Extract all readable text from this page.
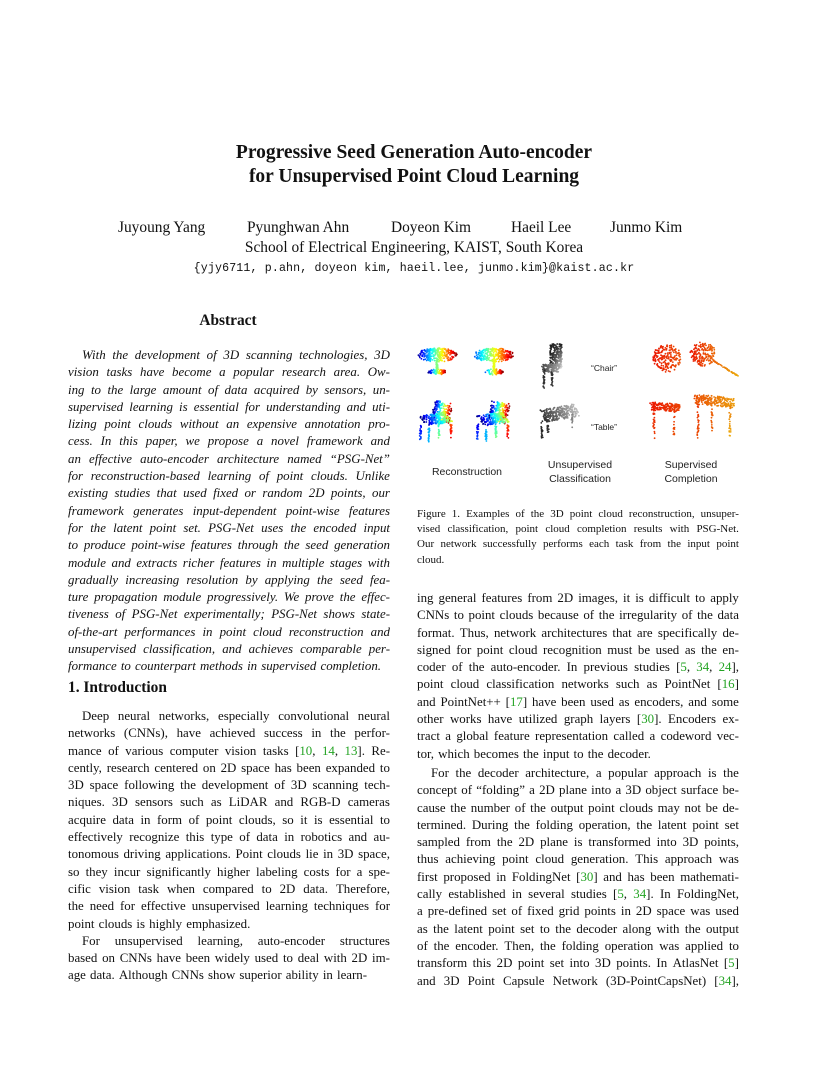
Progressive Seed Generation Auto-encoder
for Unsupervised Point Cloud Learning
Juyoung Yang	Pyunghwan Ahn	Doyeon Kim	Haeil Lee	Junmo Kim
School of Electrical Engineering, KAIST, South Korea
{yjy6711, p.ahn, doyeon kim, haeil.lee, junmo.kim}@kaist.ac.kr
Abstract
With the development of 3D scanning technologies, 3D
vision tasks have become a popular research area. Ow-
ing to the large amount of data acquired by sensors, un-
supervised learning is essential for understanding and uti-
lizing point clouds without an expensive annotation pro-
cess. In this paper, we propose a novel framework and
an effective auto-encoder architecture named “PSG-Net”
for reconstruction-based learning of point clouds. Unlike
existing studies that used fixed or random 2D points, our
framework generates input-dependent point-wise features
for the latent point set. PSG-Net uses the encoded input
to produce point-wise features through the seed generation
module and extracts richer features in multiple stages with
gradually increasing resolution by applying the seed fea-
ture propagation module progressively. We prove the effec-
tiveness of PSG-Net experimentally; PSG-Net shows state-
of-the-art performances in point cloud reconstruction and
unsupervised classification, and achieves comparable per-
formance to counterpart methods in supervised completion.
1. Introduction
Deep neural networks, especially convolutional neural
networks (CNNs), have achieved success in the perfor-
mance of various computer vision tasks [10, 14, 13]. Re-
cently, research centered on 2D space has been expanded to
3D space following the development of 3D scanning tech-
niques. 3D sensors such as LiDAR and RGB-D cameras
acquire data in form of point clouds, so it is essential to
effectively recognize this type of data in robotics and au-
tonomous driving applications. Point clouds lie in 3D space,
so they incur significantly higher labeling costs for a spe-
cific vision task when compared to 2D data. Therefore,
the need for effective unsupervised learning techniques for
point clouds is highly emphasized.
For unsupervised learning, auto-encoder structures
based on CNNs have been widely used to deal with 2D im-
age data. Although CNNs show superior ability in learn-
“Chair”
“Table”
Reconstruction
Unsupervised
Classification
Supervised
Completion
Figure 1. Examples of the 3D point cloud reconstruction, unsuper-
vised classification, point cloud completion results with PSG-Net.
Our network successfully performs each task from the input point
cloud.
ing general features from 2D images, it is difficult to apply
CNNs to point clouds because of the irregularity of the data
format. Thus, network architectures that are specifically de-
signed for point cloud recognition must be used as the en-
coder of the auto-encoder. In previous studies [5, 34, 24],
point cloud classification networks such as PointNet [16]
and PointNet++ [17] have been used as encoders, and some
other works have utilized graph layers [30]. Encoders ex-
tract a global feature representation called a codeword vec-
tor, which becomes the input to the decoder.
For the decoder architecture, a popular approach is the
concept of “folding” a 2D plane into a 3D object surface be-
cause the number of the output point clouds may not be de-
termined. During the folding operation, the latent point set
sampled from the 2D plane is transformed into 3D points,
thus achieving point cloud generation. This approach was
first proposed in FoldingNet [30] and has been mathemati-
cally established in several studies [5, 34]. In FoldingNet,
a pre-defined set of fixed grid points in 2D space was used
as the latent point set to the decoder along with the output
of the encoder. Then, the folding operation was applied to
transform this 2D point set into 3D points. In AtlasNet [5]
and 3D Point Capsule Network (3D-PointCapsNet) [34],
